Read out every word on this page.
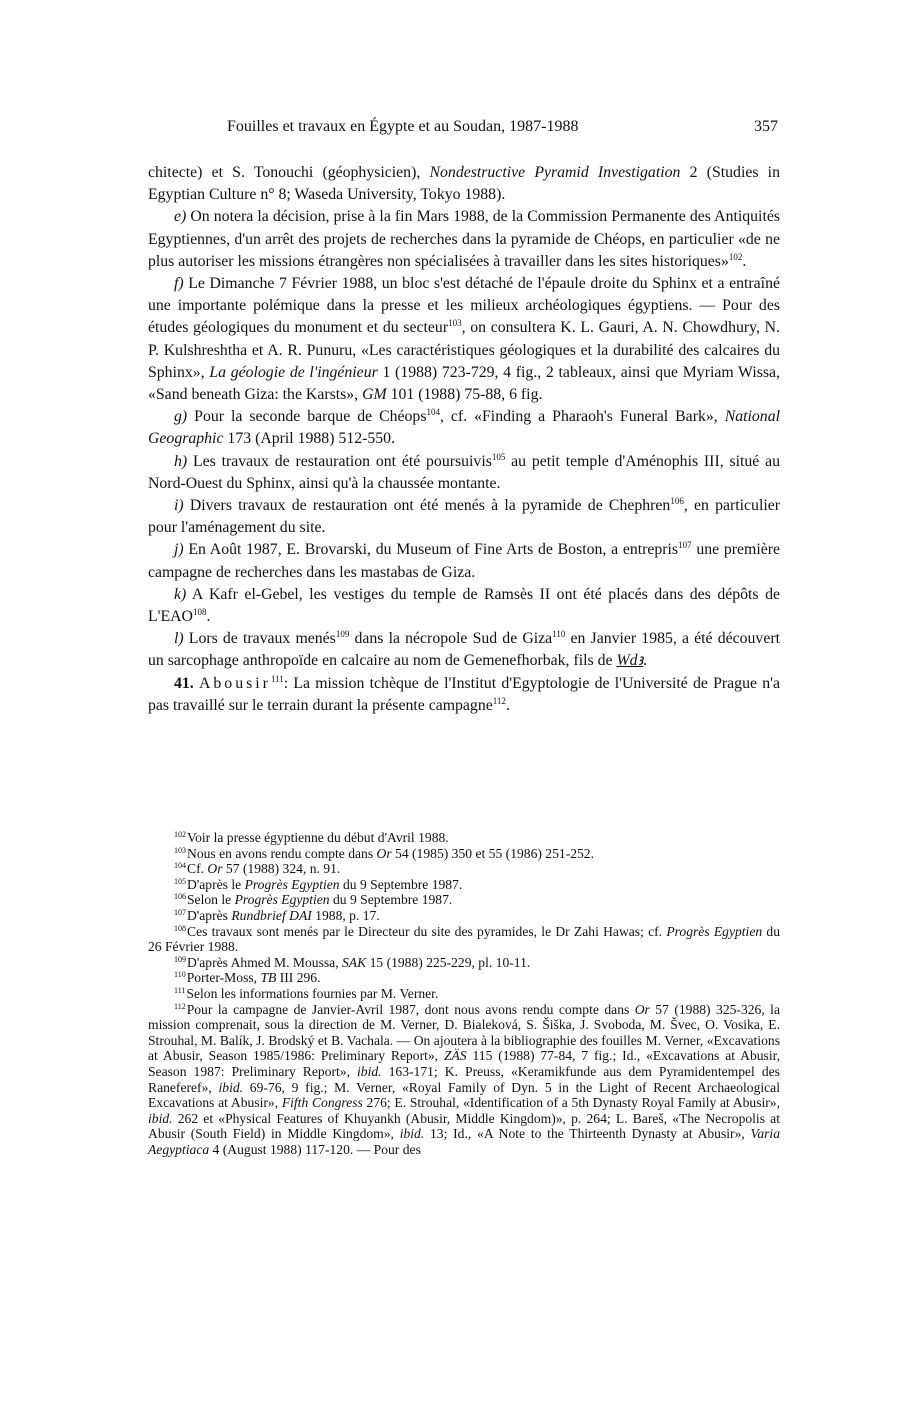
Fouilles et travaux en Égypte et au Soudan, 1987-1988	357

chitecte) et S. Tonouchi (géophysicien), Nondestructive Pyramid Investigation 2 (Studies in Egyptian Culture n° 8; Waseda University, Tokyo 1988).

e) On notera la décision, prise à la fin Mars 1988, de la Commission Permanente des Antiquités Egyptiennes, d'un arrêt des projets de recherches dans la pyramide de Chéops, en particulier «de ne plus autoriser les missions étrangères non spécialisées à travailler dans les sites historiques»$^{102}$.

f) Le Dimanche 7 Février 1988, un bloc s'est détaché de l'épaule droite du Sphinx et a entraîné une importante polémique dans la presse et les milieux archéologiques égyptiens. — Pour des études géologiques du monument et du secteur$^{103}$, on consultera K. L. Gauri, A. N. Chowdhury, N. P. Kulshreshtha et A. R. Punuru, «Les caractéristiques géologiques et la durabilité des calcaires du Sphinx», La géologie de l'ingénieur 1 (1988) 723-729, 4 fig., 2 tableaux, ainsi que Myriam Wissa, «Sand beneath Giza: the Karsts», GM 101 (1988) 75-88, 6 fig.

g) Pour la seconde barque de Chéops$^{104}$, cf. «Finding a Pharaoh's Funeral Bark», National Geographic 173 (April 1988) 512-550.

h) Les travaux de restauration ont été poursuivis$^{105}$ au petit temple d'Aménophis III, situé au Nord-Ouest du Sphinx, ainsi qu'à la chaussée montante.

i) Divers travaux de restauration ont été menés à la pyramide de Chephren$^{106}$, en particulier pour l'aménagement du site.

j) En Août 1987, E. Brovarski, du Museum of Fine Arts de Boston, a entrepris$^{107}$ une première campagne de recherches dans les mastabas de Giza.

k) A Kafr el-Gebel, les vestiges du temple de Ramsès II ont été placés dans des dépôts de L'EAO$^{108}$.

l) Lors de travaux menés$^{109}$ dans la nécropole Sud de Giza$^{110}$ en Janvier 1985, a été découvert un sarcophage anthropoïde en calcaire au nom de Gemenefhorbak, fils de Wḏꜣ.

41. Abousir$^{111}$: La mission tchèque de l'Institut d'Egyptologie de l'Université de Prague n'a pas travaillé sur le terrain durant la présente campagne$^{112}$.

$^{102}$Voir la presse égyptienne du début d'Avril 1988.

$^{103}$Nous en avons rendu compte dans Or 54 (1985) 350 et 55 (1986) 251-252.

$^{104}$Cf. Or 57 (1988) 324, n. 91.

$^{105}$D'après le Progrès Egyptien du 9 Septembre 1987.

$^{106}$Selon le Progrès Egyptien du 9 Septembre 1987.

$^{107}$D'après Rundbrief DAI 1988, p. 17.

$^{108}$Ces travaux sont menés par le Directeur du site des pyramides, le Dr Zahi Hawas; cf. Progrès Egyptien du 26 Février 1988.

$^{109}$D'après Ahmed M. Moussa, SAK 15 (1988) 225-229, pl. 10-11.

$^{110}$Porter-Moss, TB III 296.

$^{111}$Selon les informations fournies par M. Verner.

$^{112}$Pour la campagne de Janvier-Avril 1987, dont nous avons rendu compte dans Or 57 (1988) 325-326, la mission comprenait, sous la direction de M. Verner, D. Bialeková, S. Šiška, J. Svoboda, M. Švec, O. Vosika, E. Strouhal, M. Balík, J. Brodský et B. Vachala. — On ajoutera à la bibliographie des fouilles M. Verner, «Excavations at Abusir, Season 1985/1986: Preliminary Report», ZÄS 115 (1988) 77-84, 7 fig.; Id., «Excavations at Abusir, Season 1987: Preliminary Report», ibid. 163-171; K. Preuss, «Keramikfunde aus dem Pyramidentempel des Raneferef», ibid. 69-76, 9 fig.; M. Verner, «Royal Family of Dyn. 5 in the Light of Recent Archaeological Excavations at Abusir», Fifth Congress 276; E. Strouhal, «Identification of a 5th Dynasty Royal Family at Abusir», ibid. 262 et «Physical Features of Khuyankh (Abusir, Middle Kingdom)», p. 264; L. Bareš, «The Necropolis at Abusir (South Field) in Middle Kingdom», ibid. 13; Id., «A Note to the Thirteenth Dynasty at Abusir», Varia Aegyptiaca 4 (August 1988) 117-120. — Pour des
